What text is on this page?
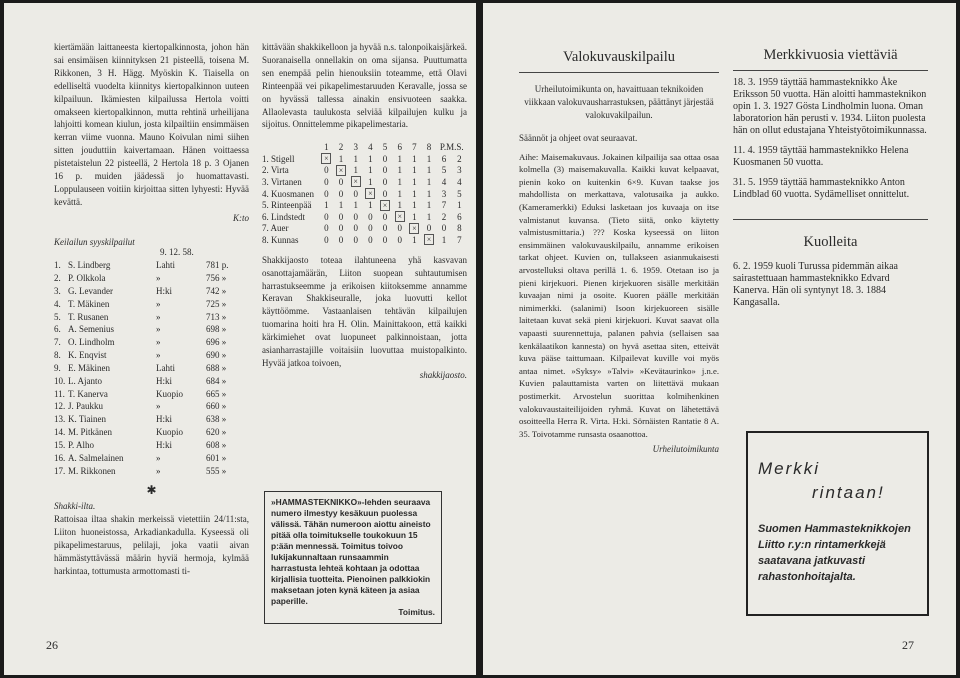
kiertämään laittaneesta kiertopalkinnosta, johon hän sai ensimäisen kiinnityksen 21 pisteellä, toisena M. Rikkonen, 3 H. Hägg. Myöskin K. Tiaisella on edelliseltä vuodelta kiinnitys kiertopalkinnon uuteen kilpailuun. Ikämiesten kilpailussa Hertola voitti omakseen kiertopalkinnon, mutta rehtinä urheilijana lahjoitti komean kiulun, josta kilpailtiin ensimmäisen kerran viime vuonna. Mauno Koivulan nimi siihen sitten jouduttiin kaivertamaan. Hänen voittaessa pistetaistelun 22 pisteellä, 2 Hertola 18 p. 3 Ojanen 16 p. muiden jäädessä jo huomattavasti. Loppulauseen voitiin kirjoittaa sitten lyhyesti: Hyvää kevättä.

K:to
Keilailun syyskilpailut
9. 12. 58.
1.	S. Lindberg	Lahti	781 p.
2.	P. Olkkola	»	756 »
3.	G. Levander	H:ki	742 »
4.	T. Mäkinen	»	725 »
5.	T. Rusanen	»	713 »
6.	A. Semenius	»	698 »
7.	O. Lindholm	»	696 »
8.	K. Enqvist	»	690 »
9.	E. Mäkinen	Lahti	688 »
10.	L. Ajanto	H:ki	684 »
11.	T. Kanerva	Kuopio	665 »
12.	J. Paukku	»	660 »
13.	K. Tiainen	H:ki	638 »
14.	M. Pitkänen	Kuopio	620 »
15.	P. Alho	H:ki	608 »
16.	A. Salmelainen	»	601 »
17.	M. Rikkonen	»	555 »
✱
Shakki-ilta.

Rattoisaa iltaa shakin merkeissä vietettiin 24/11:sta, Liiton huoneistossa, Arkadiankadulla. Kyseessä oli pikapelimestaruus, pelilaji, joka vaatii aivan hämmästyttävässä määrin hyviä hermoja, kylmää harkintaa, tottumusta armottomasti ti-

kittävään shakkikelloon ja hyvää n.s. talonpoikaisjärkeä. Suoranaisella onnellakin on oma sijansa. Puuttumatta sen enempää pelin hienouksiin toteamme, että Olavi Rinteenpää vei pikapelimestaruuden Keravalle, jossa se on hyvässä tallessa ainakin ensivuoteen saakka. Allaolevasta taulukosta selviää kilpailujen kulku ja sijoitus. Onnittelemme pikapelimestaria.

	1	2	3	4	5	6	7	8	P.M.S.	
1. Stigell	×	1	1	1	0	1	1	1	6	2
2. Virta	0	×	1	1	0	1	1	1	5	3
3. Virtanen	0	0	×	1	0	1	1	1	4	4
4. Kuosmanen	0	0	0	×	0	1	1	1	3	5
5. Rinteenpää	1	1	1	1	×	1	1	1	7	1
6. Lindstedt	0	0	0	0	0	×	1	1	2	6
7. Auer	0	0	0	0	0	0	×	0	0	8
8. Kunnas	0	0	0	0	0	0	1	×	1	7

Shakkijaosto toteaa ilahtuneena yhä kasvavan osanottajamäärän, Liiton suopean suhtautumisen harrastukseemme ja erikoisen kiitoksemme annamme Keravan Shakkiseuralle, joka luovutti kellot käyttöömme. Vastaanlaisen tehtävän kilpailujen tuomarina hoiti hra H. Olin. Mainittakoon, että kaikki kärkimiehet ovat luopuneet palkinnoistaan, jotta asianharrastajille voitaisiin luovuttaa muistopalkinto. Hyvää jatkoa toivoen,

shakkijaosto.
»HAMMASTEKNIKKO»-lehden seuraava numero ilmestyy kesäkuun puolessa välissä. Tähän numeroon aiottu aineisto pitää olla toimitukselle toukokuun 15 p:ään mennessä. Toimitus toivoo lukijakunnaltaan runsaammin harrastusta lehteä kohtaan ja odottaa kirjallisia tuotteita. Pienoinen palkkiokin maksetaan joten kynä käteen ja asiaa paperille.
Toimitus.
26
Valokuvauskilpailu

Urheilutoimikunta on, havaittuaan teknikoiden viikkaan valokuvausharrastuksen, päättänyt järjestää valokuvakilpailun.

Säännöt ja ohjeet ovat seuraavat.

Aihe: Maisemakuvaus. Jokainen kilpailija saa ottaa osaa kolmella (3) maisemakuvalla. Kaikki kuvat kelpaavat, pienin koko on kuitenkin 6×9. Kuvan taakse jos mahdollista on merkattava, valotusaika ja aukko. (Kameramerkki) Eduksi lasketaan jos kuvaaja on itse valmistanut kuvansa. (Tieto siitä, onko käytetty valmistusmittaria.) ??? Koska kyseessä on liiton ensimmäinen valokuvauskilpailu, annamme erikoisen tarkat ohjeet. Kuvien on, tullakseen asianmukaisesti arvostelluksi oltava perillä 1. 6. 1959. Otetaan iso ja pieni kirjekuori. Pienen kirjekuoren sisälle merkitään kuvaajan nimi ja osoite. Kuoren päälle merkitään nimimerkki. (salanimi) Isoon kirjekuoreen sisälle laitetaan kuvat sekä pieni kirjekuori. Kuvat saavat olla vapaasti suurennettuja, palanen pahvia (sellaisen saa kenkälaatikon kannesta) on hyvä asettaa siten, etteivät kuva pääse taittumaan. Kilpailevat kuville voi myös antaa nimet. »Syksy» »Talvi» »Kevätaurinko» j.n.e. Kuvien palauttamista varten on liitettävä mukaan postimerkit. Arvostelun suorittaa kolmihenkinen valokuvaustaiteilijoiden ryhmä. Kuvat on lähetettävä osoitteella Herra R. Virta. H:ki. Sörnäisten Rantatie 8 A. 35. Toivotamme runsasta osaanottoa.

Urheilutoimikunta
Merkkivuosia viettäviä

18. 3. 1959 täyttää hammasteknikko Åke Eriksson 50 vuotta. Hän aloitti hammasteknikon opin 1. 3. 1927 Gösta Lindholmin luona. Oman laboratorion hän perusti v. 1934. Liiton puolesta hän on ollut edustajana Yhteistyötoimikunnassa.

11. 4. 1959 täyttää hammasteknikko Helena Kuosmanen 50 vuotta.

31. 5. 1959 täyttää hammasteknikko Anton Lindblad 60 vuotta. Sydämelliset onnittelut.

Kuolleita

6. 2. 1959 kuoli Turussa pidemmän aikaa sairastettuaan hammasteknikko Edvard Kanerva. Hän oli syntynyt 18. 3. 1884 Kangasalla.

Merkki
rintaan!
Suomen Hammasteknikkojen Liitto r.y:n rintamerkkejä saatavana jatkuvasti rahastonhoitajalta.
27
